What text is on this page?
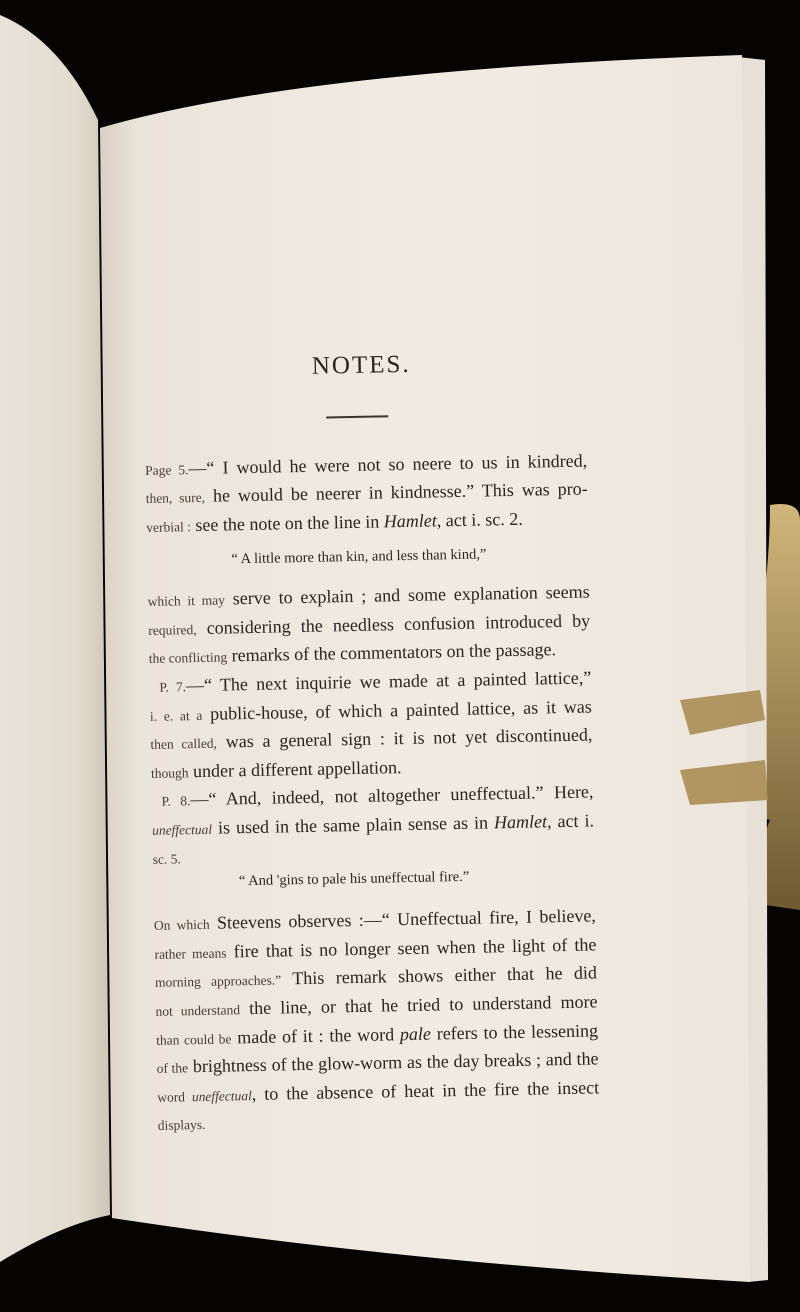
NOTES.
Page 5.—“ I would he were not so neere to us in kindred,
then, sure, he would be neerer in kindnesse.” This was pro-
verbial : see the note on the line in Hamlet, act i. sc. 2.
“ A little more than kin, and less than kind,”
which it may serve to explain ; and some explanation seems
required, considering the needless confusion introduced by
the conflicting remarks of the commentators on the passage.
P. 7.—“ The next inquirie we made at a painted lattice,”
i. e. at a public-house, of which a painted lattice, as it was
then called, was a general sign : it is not yet discontinued,
though under a different appellation.
P. 8.—“ And, indeed, not altogether uneffectual.” Here,
uneffectual is used in the same plain sense as in Hamlet, act i.
sc. 5.
“ And 'gins to pale his uneffectual fire.”
On which Steevens observes :—“ Uneffectual fire, I believe,
rather means fire that is no longer seen when the light of the
morning approaches.” This remark shows either that he did
not understand the line, or that he tried to understand more
than could be made of it : the word pale refers to the lessening
of the brightness of the glow-worm as the day breaks ; and the
word uneffectual, to the absence of heat in the fire the insect
displays.
